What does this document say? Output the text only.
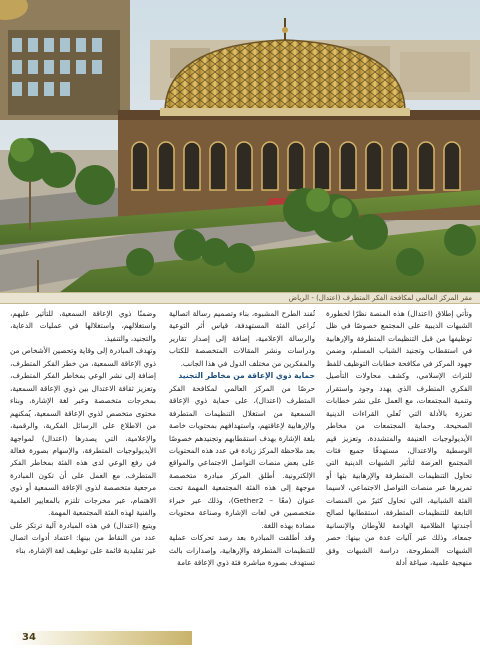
مقر المركز العالمي لمكافحة الفكر المتطرف (اعتدال) - الرياض

وتأتي إطلاق (اعتدال) هذه المنصة نظرًا لخطورة الشبهات الديبية على المجتمع خصوصًا في ظل توظيفها من قبل التنظيمات المتطرفة والإرهابية في استقطاب وتجنيد الشباب المسلم، وضمن جهود المركز في مكافحة خطابات التوظيف للفظ للتراث الإسلامي، وكشف محاولات التأصيل الفكري المتطرف الذي يهدد وجود واستقرار وتنمية المجتمعات، مع العمل على نشر خطابات تعززة بالأدلة التي تُعلي القراءات الدينية الصحيحة. وحماية المجتمعات من مخاطر الأيديولوجيات العنيفة والمتشددة، وتعزيز قيم الوسطية والاعتدال، مستهدفًا جميع فئات المجتمع العرضة لتأثير الشبهات الدينية التي تحاول التنظيمات المتطرفة والإرهابية بثها أو تمريرها عبر منصات التواصل الاجتماعي، لاسيما الفئة الشبابية، التي تحاول كثيرٌ من المنصات التابعة للتنظيمات المتطرفة، استقطابها لصالح أجندتها الظلامية الهادمة للأوطان والإنسانية جمعاء، وذلك عبر آليات عدة من بينها: حصر الشبهات المطروحة، دراسة الشبهات وفق منهجية علمية، صياغة أدلة

تُفند الطرح المشبوه، بناء وتصميم رسالة اتصالية تُراعي الفئة المستهدفة، قياس أثر التوعية والرسالة الإعلامية، إضافة إلى إصدار تقارير ودراسات ونشر المقالات المتخصصة للكتاب والمفكرين من مختلف الدول في هذا الجانب.

حماية ذوي الإعاقة من مخاطر التجنيد

حرصًا من المركز العالمي لمكافحة الفكر المتطرف (اعتدال)، على حماية ذوي الإعاقة السمعية من استغلال التنظيمات المتطرفة والإرهابية لإعاقتهم، واستهدافهم بمحتويات خاصة بلغة الإشارة بهدف استقطابهم وتجنيدهم خصوصًا بعد ملاحظة المركز زيادة في عدد هذه المحتويات على بعض منصات التواصل الاجتماعي والمواقع الإلكترونية. أطلق المركز مبادرة متخصصة موجهة إلى هذه الفئة المجتمعية المهمة تحت عنوان (معًا – Gether2)، وذلك عبر خبراء متخصصين في لغات الإشارة وصناعة محتويات مضادة بهذه اللغة.

وقد أطلقت المبادرة بعد رصد تحركات عملية للتنظيمات المتطرفة والإرهابية، وإصدارات بالث تستهدف بصورة مباشرة فئة ذوي الإعاقة عامة

وضمنًا ذوي الإعاقة السمعية، للتأثير عليهم، واستغلالهم، واستغلالها في عمليات الدعاية، والتجنيد، والتنفيذ.

وتهدف المبادرة إلى وقاية وتحصين الأشخاص من ذوي الإعاقة السمعية، من خطر الفكر المتطرف، إضافة إلى نشر الوعي بمخاطر الفكر المتطرف، وتعزيز ثقافة الاعتدال بين ذوي الإعاقة السمعية، بمخرجات متخصصة وعبر لغة الإشارة، وبناء محتوى متخصص لذوي الإعاقة السمعية، يُمكنهم من الاطلاع على الرسائل الفكرية، والرقمية، والإعلامية، التي يصدرها (اعتدال) لمواجهة الأيديولوجيات المتطرفة، والإسهام بصورة فعالة في رفع الوعي لدى هذه الفئة بمخاطر الفكر المتطرف، مع العمل على أن تكون المبادرة مرجعية متخصصة لذوي الإعاقة السمعية أو ذوي الاهتمام، عبر مخرجات تلتزم بالمعايير العلمية والفنية لهذه الفئة المجتمعية المهمة.

ويتبع (اعتدال) في هذه المبادرة آلية ترتكز على عدد من النقاط من بينها: اعتماد أدوات اتصال غير تقليدية قائمة على توظيف لغة الإشارة، بناء

34
